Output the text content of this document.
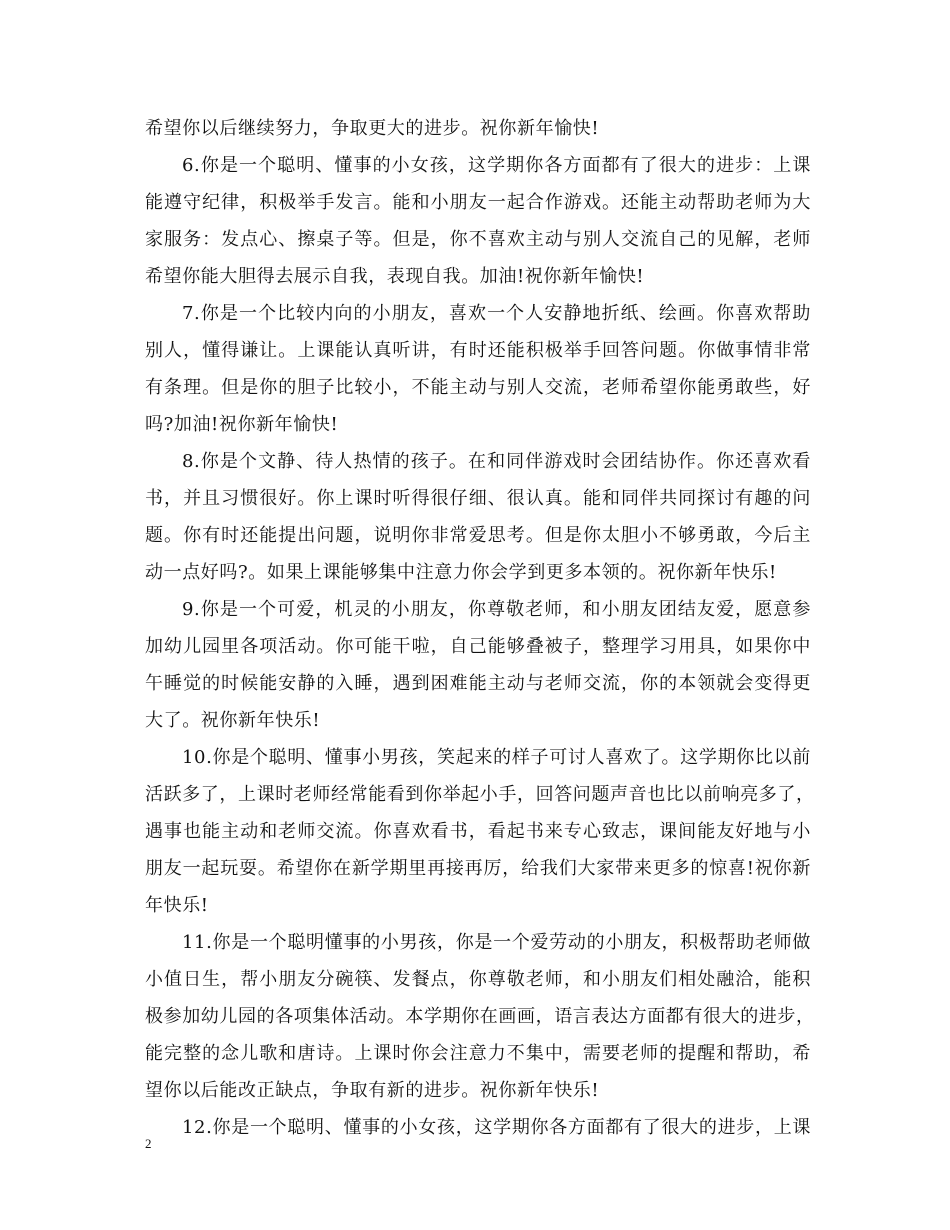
希望你以后继续努力，争取更大的进步。祝你新年愉快!
6.你是一个聪明、懂事的小女孩，这学期你各方面都有了很大的进步：上课
能遵守纪律，积极举手发言。能和小朋友一起合作游戏。还能主动帮助老师为大
家服务：发点心、擦桌子等。但是，你不喜欢主动与别人交流自己的见解，老师
希望你能大胆得去展示自我，表现自我。加油!祝你新年愉快!
7.你是一个比较内向的小朋友，喜欢一个人安静地折纸、绘画。你喜欢帮助
别人，懂得谦让。上课能认真听讲，有时还能积极举手回答问题。你做事情非常
有条理。但是你的胆子比较小，不能主动与别人交流，老师希望你能勇敢些，好
吗?加油!祝你新年愉快!
8.你是个文静、待人热情的孩子。在和同伴游戏时会团结协作。你还喜欢看
书，并且习惯很好。你上课时听得很仔细、很认真。能和同伴共同探讨有趣的问
题。你有时还能提出问题，说明你非常爱思考。但是你太胆小不够勇敢，今后主
动一点好吗?。如果上课能够集中注意力你会学到更多本领的。祝你新年快乐!
9.你是一个可爱，机灵的小朋友，你尊敬老师，和小朋友团结友爱，愿意参
加幼儿园里各项活动。你可能干啦，自己能够叠被子，整理学习用具，如果你中
午睡觉的时候能安静的入睡，遇到困难能主动与老师交流，你的本领就会变得更
大了。祝你新年快乐!
10.你是个聪明、懂事小男孩，笑起来的样子可讨人喜欢了。这学期你比以前
活跃多了，上课时老师经常能看到你举起小手，回答问题声音也比以前响亮多了，
遇事也能主动和老师交流。你喜欢看书，看起书来专心致志，课间能友好地与小
朋友一起玩耍。希望你在新学期里再接再厉，给我们大家带来更多的惊喜!祝你新
年快乐!
11.你是一个聪明懂事的小男孩，你是一个爱劳动的小朋友，积极帮助老师做
小值日生，帮小朋友分碗筷、发餐点，你尊敬老师，和小朋友们相处融洽，能积
极参加幼儿园的各项集体活动。本学期你在画画，语言表达方面都有很大的进步，
能完整的念儿歌和唐诗。上课时你会注意力不集中，需要老师的提醒和帮助，希
望你以后能改正缺点，争取有新的进步。祝你新年快乐!
12.你是一个聪明、懂事的小女孩，这学期你各方面都有了很大的进步，上课
2
